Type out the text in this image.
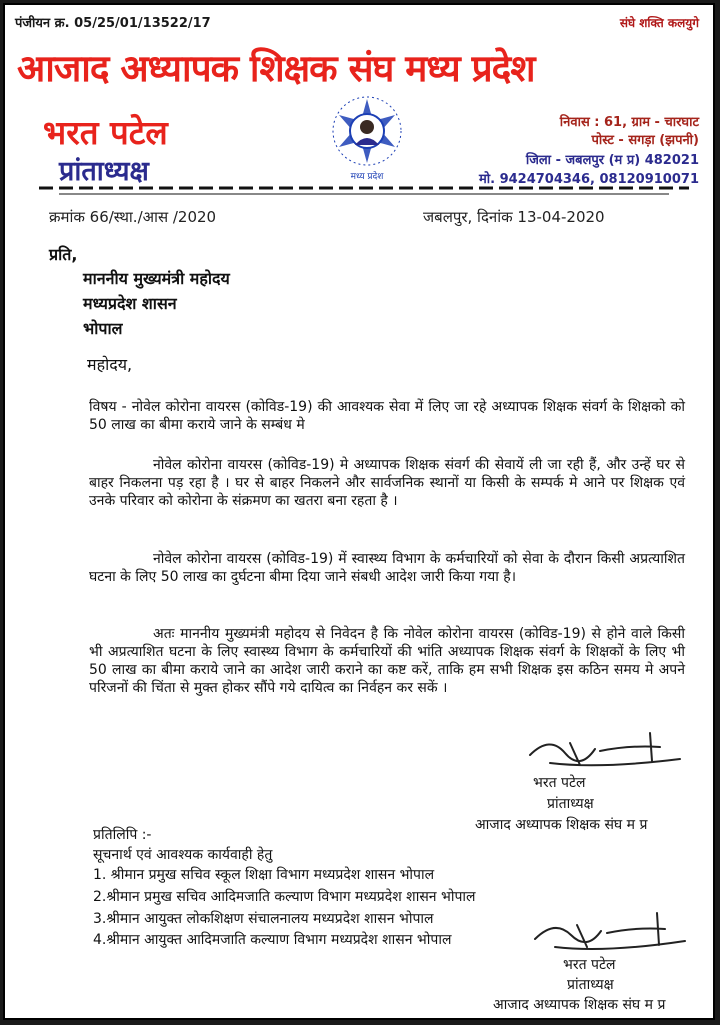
पंजीयन क्र. 05/25/01/13522/17	संघे शक्ति कलयुगे
आजाद अध्यापक शिक्षक संघ मध्य प्रदेश
भरत पटेल
प्रांताध्यक्ष	मध्य प्रदेश
निवास : 61, ग्राम - चारघाट
पोस्ट - सगड़ा (झपनी)
जिला - जबलपुर (म प्र) 482021
मो. 9424704346, 08120910071
क्रमांक 66/स्था./आस /2020	जबलपुर, दिनांक 13-04-2020
प्रति,
माननीय मुख्यमंत्री महोदय
मध्यप्रदेश शासन
भोपाल
महोदय,
विषय - नोवेल कोरोना वायरस (कोविड-19) की आवश्यक सेवा में लिए जा रहे अध्यापक शिक्षक संवर्ग के शिक्षको को 50 लाख का बीमा कराये जाने के सम्बंध मे
नोवेल कोरोना वायरस (कोविड-19) मे अध्यापक शिक्षक संवर्ग की सेवायें ली जा रही हैं, और उन्हें घर से बाहर निकलना पड़ रहा है । घर से बाहर निकलने और सार्वजनिक स्थानों या किसी के सम्पर्क मे आने पर शिक्षक एवं उनके परिवार को कोरोना के संक्रमण का खतरा बना रहता है ।
नोवेल कोरोना वायरस (कोविड-19) में स्वास्थ्य विभाग के कर्मचारियों को सेवा के दौरान किसी अप्रत्याशित घटना के लिए 50 लाख का दुर्घटना बीमा दिया जाने संबधी आदेश जारी किया गया है।
अतः माननीय मुख्यमंत्री महोदय से निवेदन है कि नोवेल कोरोना वायरस (कोविड-19) से होने वाले किसी भी अप्रत्याशित घटना के लिए स्वास्थ्य विभाग के कर्मचारियों की भांति अध्यापक शिक्षक संवर्ग के शिक्षकों के लिए भी 50 लाख का बीमा कराये जाने का आदेश जारी कराने का कष्ट करें, ताकि हम सभी शिक्षक इस कठिन समय मे अपने परिजनों की चिंता से मुक्त होकर सौंपे गये दायित्व का निर्वहन कर सकें ।
भरत पटेल
प्रांताध्यक्ष
आजाद अध्यापक शिक्षक संघ म प्र
प्रतिलिपि :-
सूचनार्थ एवं आवश्यक कार्यवाही हेतु
1. श्रीमान प्रमुख सचिव स्कूल शिक्षा विभाग मध्यप्रदेश शासन भोपाल
2.श्रीमान प्रमुख सचिव आदिमजाति कल्याण विभाग मध्यप्रदेश शासन भोपाल
3.श्रीमान आयुक्त लोकशिक्षण संचालनालय मध्यप्रदेश शासन भोपाल
4.श्रीमान आयुक्त आदिमजाति कल्याण विभाग मध्यप्रदेश शासन भोपाल
भरत पटेल
प्रांताध्यक्ष
आजाद अध्यापक शिक्षक संघ म प्र
